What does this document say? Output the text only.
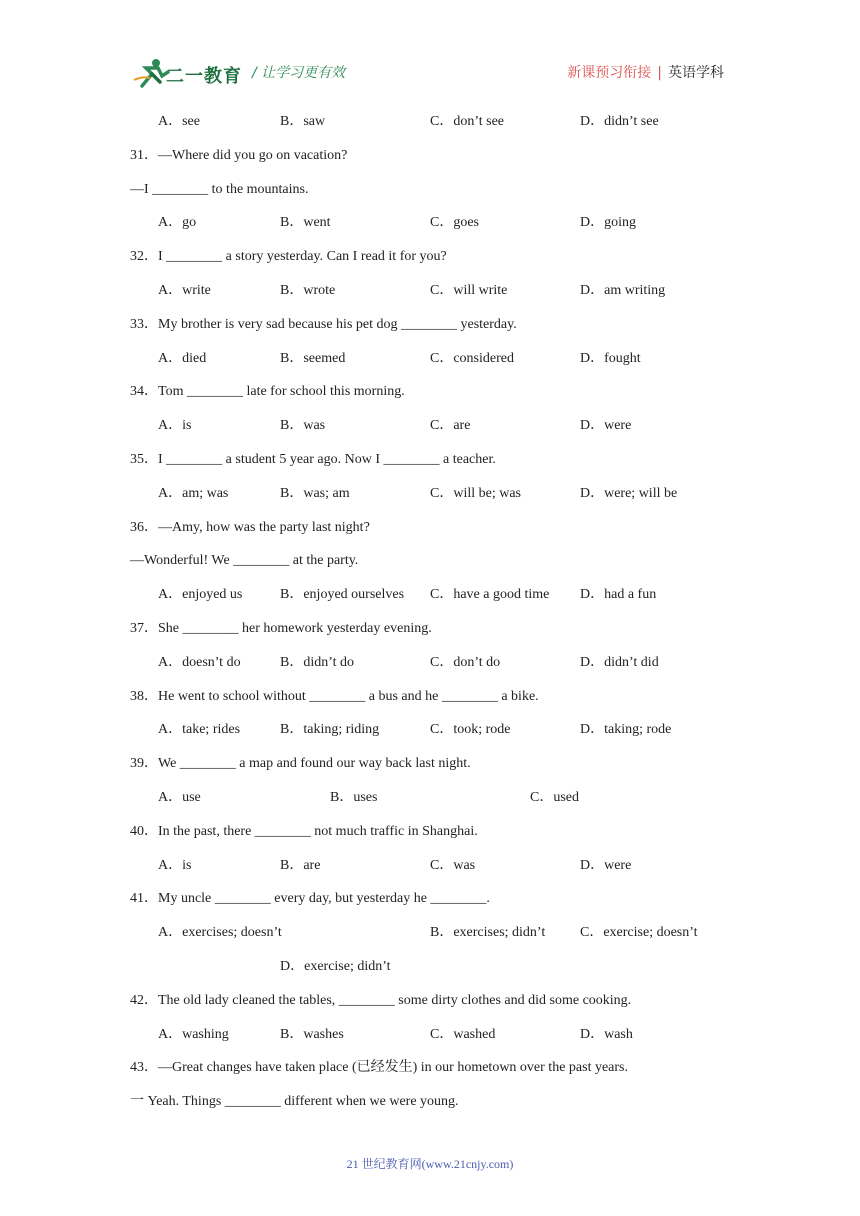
二一教育 / 让学习更有效	新课预习衔接 | 英语学科
A．see	B．saw	C．don’t see	D．didn’t see
31．—Where did you go on vacation?
—I ________ to the mountains.
A．go	B．went	C．goes	D．going
32．I ________ a story yesterday. Can I read it for you?
A．write	B．wrote	C．will write	D．am writing
33．My brother is very sad because his pet dog ________ yesterday.
A．died	B．seemed	C．considered	D．fought
34．Tom ________ late for school this morning.
A．is	B．was	C．are	D．were
35．I ________ a student 5 year ago. Now I ________ a teacher.
A．am; was	B．was; am	C．will be; was	D．were; will be
36．—Amy, how was the party last night?
—Wonderful! We ________ at the party.
A．enjoyed us	B．enjoyed ourselves C．have a good time D．had a fun
37．She ________ her homework yesterday evening.
A．doesn’t do	B．didn’t do	C．don’t do	D．didn’t did
38．He went to school without ________ a bus and he ________ a bike.
A．take; rides	B．taking; riding	C．took; rode	D．taking; rode
39．We ________ a map and found our way back last night.
A．use	B．uses	C．used
40．In the past, there ________ not much traffic in Shanghai.
A．is	B．are	C．was	D．were
41．My uncle ________ every day, but yesterday he ________.
A．exercises; doesn’t	B．exercises; didn’t C．exercise; doesn’t
D．exercise; didn’t
42．The old lady cleaned the tables, ________ some dirty clothes and did some cooking.
A．washing	B．washes	C．washed	D．wash
43．—Great changes have taken place (已经发生) in our hometown over the past years.
一 Yeah. Things ________ different when we were young.
21 世纪教育网(www.21cnjy.com)
